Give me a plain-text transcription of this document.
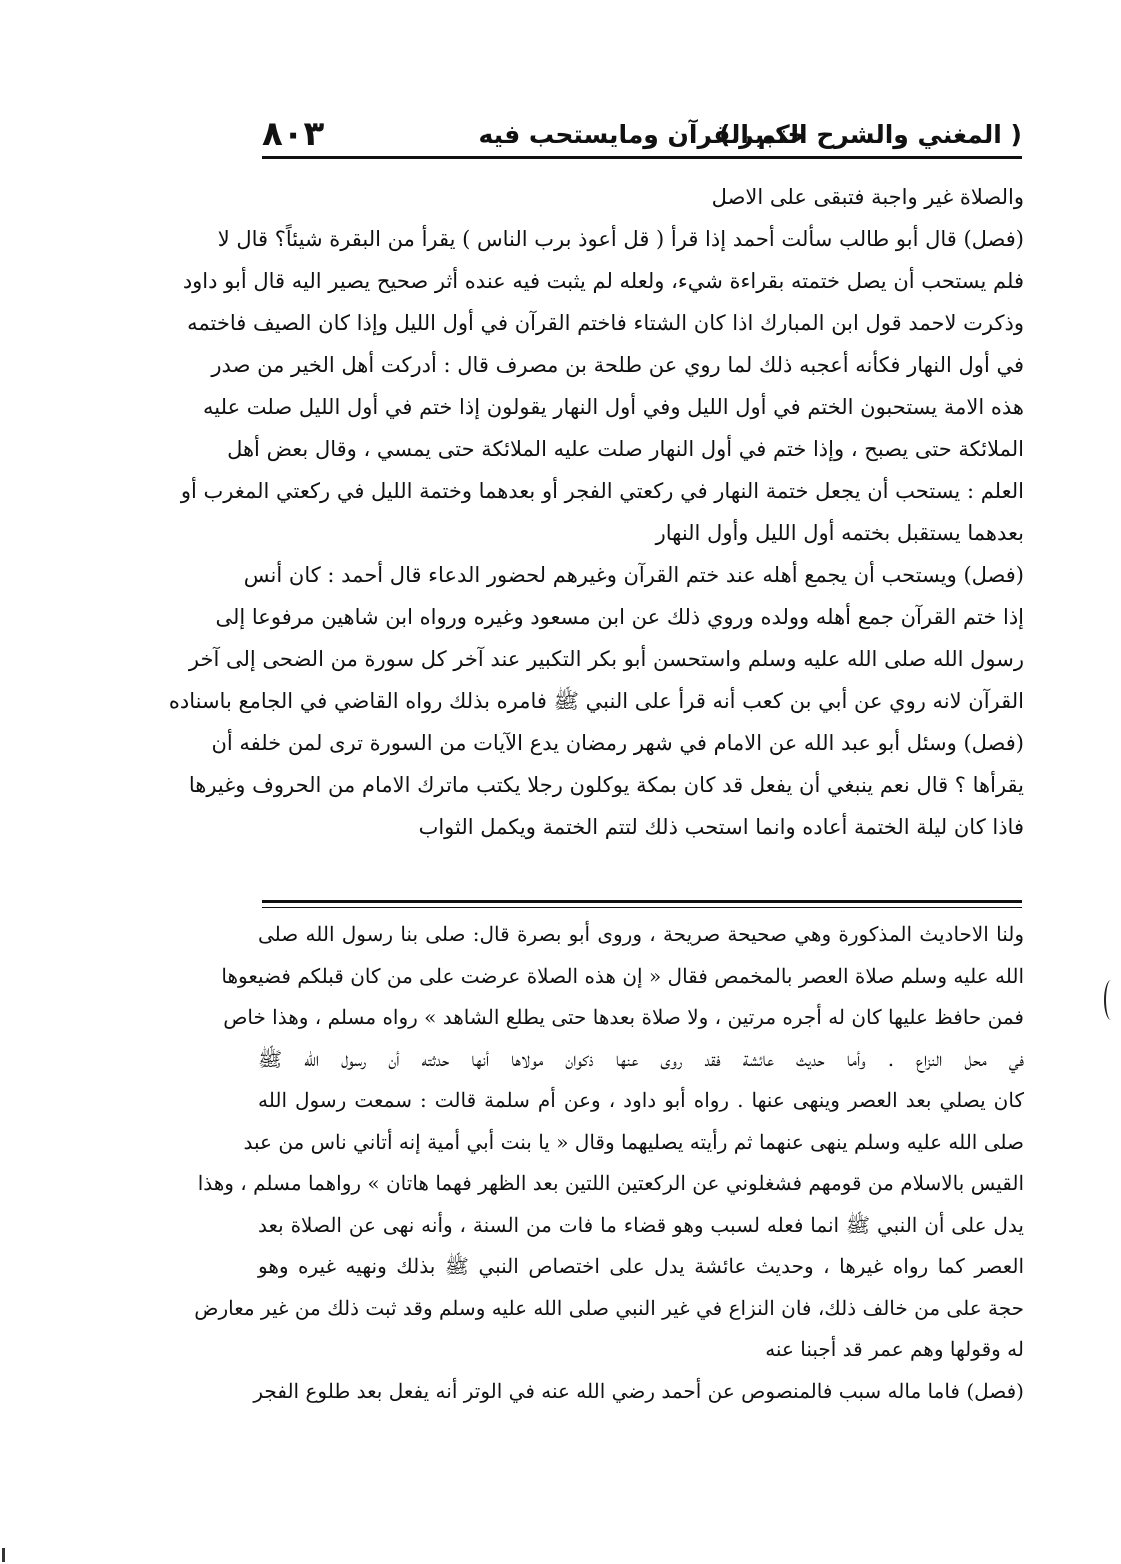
( المغني والشرح الكبير )
ختم القرآن ومايستحب فيه
٨٠٣
والصلاة غير واجبة فتبقى على الاصل
(فصل) قال أبو طالب سألت أحمد إذا قرأ ( قل أعوذ برب الناس ) يقرأ من البقرة شيئاً؟ قال لا
فلم يستحب أن يصل ختمته بقراءة شيء، ولعله لم يثبت فيه عنده أثر صحيح يصير اليه قال أبو داود
وذكرت لاحمد قول ابن المبارك اذا كان الشتاء فاختم القرآن في أول الليل وإذا كان الصيف فاختمه
في أول النهار فكأنه أعجبه ذلك لما روي عن طلحة بن مصرف قال : أدركت أهل الخير من صدر
هذه الامة يستحبون الختم في أول الليل وفي أول النهار يقولون إذا ختم في أول الليل صلت عليه
الملائكة حتى يصبح ، وإذا ختم في أول النهار صلت عليه الملائكة حتى يمسي ، وقال بعض أهل
العلم : يستحب أن يجعل ختمة النهار في ركعتي الفجر أو بعدهما وختمة الليل في ركعتي المغرب أو
بعدهما يستقبل بختمه أول الليل وأول النهار
(فصل) ويستحب أن يجمع أهله عند ختم القرآن وغيرهم لحضور الدعاء قال أحمد : كان أنس
إذا ختم القرآن جمع أهله وولده وروي ذلك عن ابن مسعود وغيره ورواه ابن شاهين مرفوعا إلى
رسول الله صلى الله عليه وسلم واستحسن أبو بكر التكبير عند آخر كل سورة من الضحى إلى آخر
القرآن لانه روي عن أبي بن كعب أنه قرأ على النبي ﷺ فامره بذلك رواه القاضي في الجامع باسناده
(فصل) وسئل أبو عبد الله عن الامام في شهر رمضان يدع الآيات من السورة ترى لمن خلفه أن
يقرأها ؟ قال نعم ينبغي أن يفعل قد كان بمكة يوكلون رجلا يكتب ماترك الامام من الحروف وغيرها
فاذا كان ليلة الختمة أعاده وانما استحب ذلك لتتم الختمة ويكمل الثواب
ولنا الاحاديث المذكورة وهي صحيحة صريحة ، وروى أبو بصرة قال: صلى بنا رسول الله صلى
الله عليه وسلم صلاة العصر بالمخمص فقال « إن هذه الصلاة عرضت على من كان قبلكم فضيعوها
فمن حافظ عليها كان له أجره مرتين ، ولا صلاة بعدها حتى يطلع الشاهد » رواه مسلم ، وهذا خاص
في محل النزاع . وأما حديث عائشة فقد روى عنها ذكوان مولاها أنها حدثته أن رسول الله ﷺ
كان يصلي بعد العصر وينهى عنها . رواه أبو داود ، وعن أم سلمة قالت : سمعت رسول الله
صلى الله عليه وسلم ينهى عنهما ثم رأيته يصليهما وقال « يا بنت أبي أمية إنه أتاني ناس من عبد
القيس بالاسلام من قومهم فشغلوني عن الركعتين اللتين بعد الظهر فهما هاتان » رواهما مسلم ، وهذا
يدل على أن النبي ﷺ انما فعله لسبب وهو قضاء ما فات من السنة ، وأنه نهى عن الصلاة بعد
العصر كما رواه غيرها ، وحديث عائشة يدل على اختصاص النبي ﷺ بذلك ونهيه غيره وهو
حجة على من خالف ذلك، فان النزاع في غير النبي صلى الله عليه وسلم وقد ثبت ذلك من غير معارض
له وقولها وهم عمر قد أجبنا عنه
(فصل) فاما ماله سبب فالمنصوص عن أحمد رضي الله عنه في الوتر أنه يفعل بعد طلوع الفجر
